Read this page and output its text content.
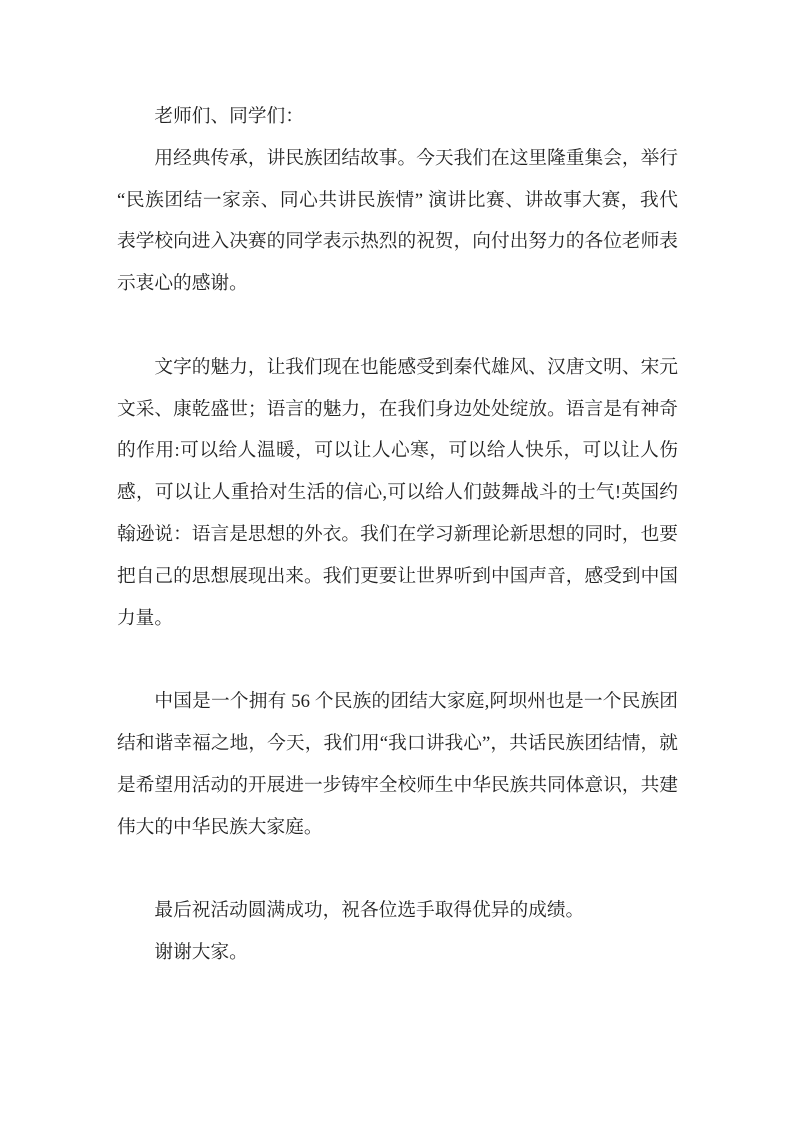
老师们、同学们：

用经典传承，讲民族团结故事。今天我们在这里隆重集会，举行“民族团结一家亲、同心共讲民族情” 演讲比赛、讲故事大赛，我代表学校向进入决赛的同学表示热烈的祝贺，向付出努力的各位老师表示衷心的感谢。

文字的魅力，让我们现在也能感受到秦代雄风、汉唐文明、宋元文采、康乾盛世；语言的魅力，在我们身边处处绽放。语言是有神奇的作用:可以给人温暖，可以让人心寒，可以给人快乐，可以让人伤感，可以让人重拾对生活的信心,可以给人们鼓舞战斗的士气!英国约翰逊说：语言是思想的外衣。我们在学习新理论新思想的同时，也要把自己的思想展现出来。我们更要让世界听到中国声音，感受到中国力量。

中国是一个拥有 56 个民族的团结大家庭,阿坝州也是一个民族团结和谐幸福之地，今天，我们用“我口讲我心”，共话民族团结情，就是希望用活动的开展进一步铸牢全校师生中华民族共同体意识，共建伟大的中华民族大家庭。

最后祝活动圆满成功，祝各位选手取得优异的成绩。

谢谢大家。
